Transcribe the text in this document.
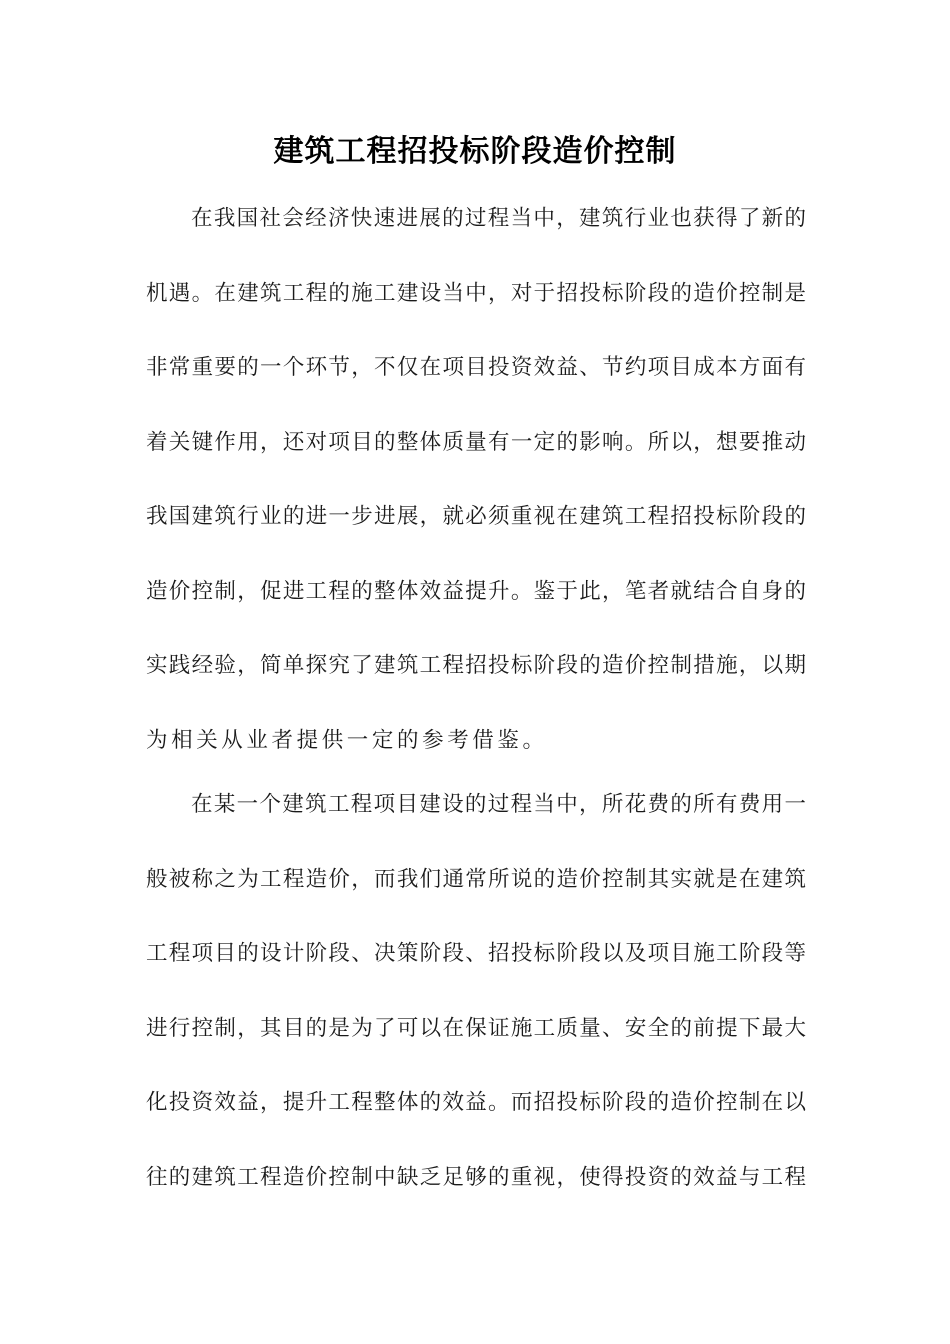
建筑工程招投标阶段造价控制
在我国社会经济快速进展的过程当中，建筑行业也获得了新的
机遇。在建筑工程的施工建设当中，对于招投标阶段的造价控制是
非常重要的一个环节，不仅在项目投资效益、节约项目成本方面有
着关键作用，还对项目的整体质量有一定的影响。所以，想要推动
我国建筑行业的进一步进展，就必须重视在建筑工程招投标阶段的
造价控制，促进工程的整体效益提升。鉴于此，笔者就结合自身的
实践经验，简单探究了建筑工程招投标阶段的造价控制措施，以期
为相关从业者提供一定的参考借鉴。
在某一个建筑工程项目建设的过程当中，所花费的所有费用一
般被称之为工程造价，而我们通常所说的造价控制其实就是在建筑
工程项目的设计阶段、决策阶段、招投标阶段以及项目施工阶段等
进行控制，其目的是为了可以在保证施工质量、安全的前提下最大
化投资效益，提升工程整体的效益。而招投标阶段的造价控制在以
往的建筑工程造价控制中缺乏足够的重视，使得投资的效益与工程
